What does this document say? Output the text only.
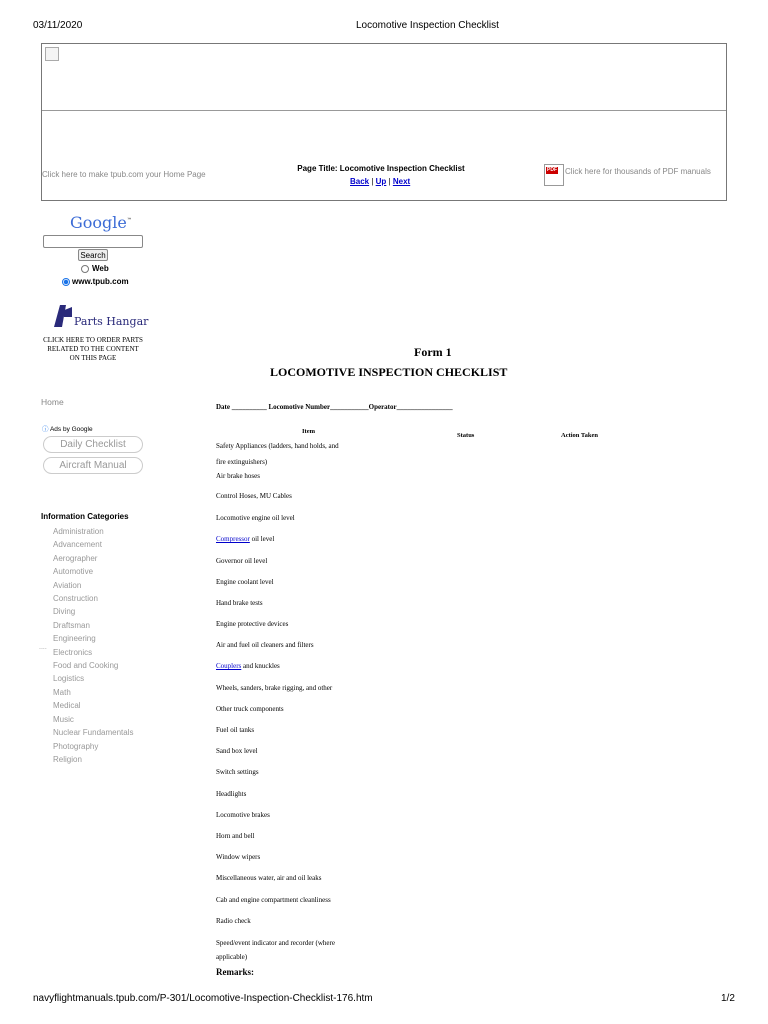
03/11/2020	Locomotive Inspection Checklist
Click here to make tpub.com your Home Page
Page Title: Locomotive Inspection Checklist
Back | Up | Next
PDF Click here for thousands of PDF manuals
Google™
Search
Web
www.tpub.com
Parts Hangar
CLICK HERE TO ORDER PARTS RELATED TO THE CONTENT ON THIS PAGE
Home
ⓘ Ads by Google
Daily Checklist
Aircraft Manual
Information Categories
Administration
Advancement
Aerographer
Automotive
Aviation
Construction
Diving
Draftsman
Engineering
Electronics
Food and Cooking
Logistics
Math
Medical
Music
Nuclear Fundamentals
Photography
Religion
....
Form 1
LOCOMOTIVE INSPECTION CHECKLIST
Date __________ Locomotive Number___________Operator________________
Item
Status	Action Taken
Safety Appliances (ladders, hand holds, and
fire extinguishers)
Air brake hoses
Control Hoses, MU Cables
Locomotive engine oil level
Compressor oil level
Governor oil level
Engine coolant level
Hand brake tests
Engine protective devices
Air and fuel oil cleaners and filters
Couplers and knuckles
Wheels, sanders, brake rigging, and other
Other truck components
Fuel oil tanks
Sand box level
Switch settings
Headlights
Locomotive brakes
Horn and bell
Window wipers
Miscellaneous water, air and oil leaks
Cab and engine compartment cleanliness
Radio check
Speed/event indicator and recorder (where
applicable)
Remarks:
navyflightmanuals.tpub.com/P-301/Locomotive-Inspection-Checklist-176.htm	1/2
